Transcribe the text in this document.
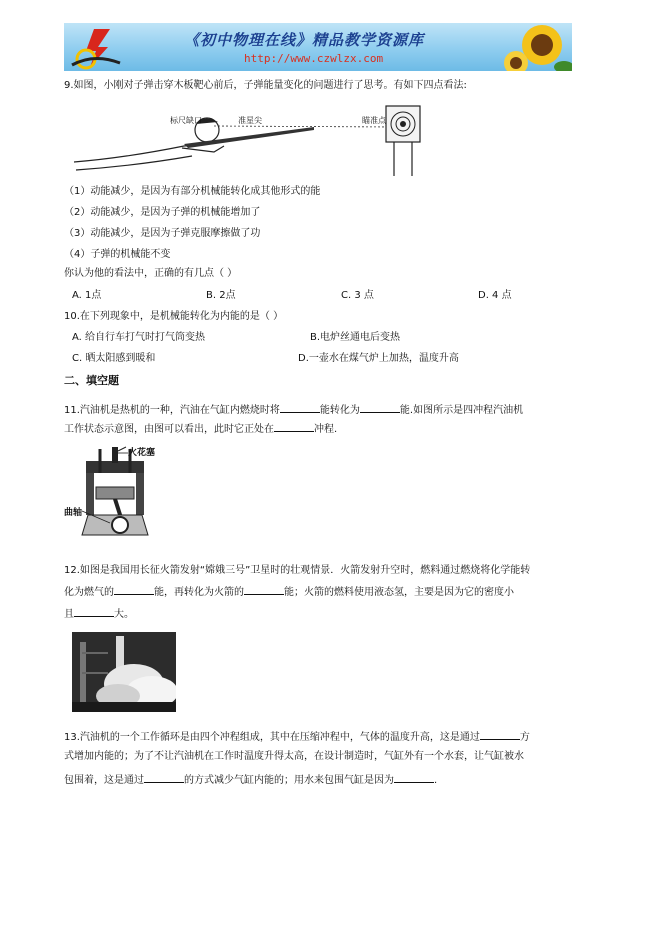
《初中物理在线》精品教学资源库
http://www.czwlzx.com
9.如图，小刚对子弹击穿木板靶心前后，子弹能量变化的问题进行了思考。有如下四点看法:
标尺缺口	准星尖	瞄准点
（1）动能减少，是因为有部分机械能转化成其他形式的能
（2）动能减少，是因为子弹的机械能增加了
（3）动能减少，是因为子弹克服摩擦做了功
（4）子弹的机械能不变
你认为他的看法中，正确的有几点（ ）
A. 1点	B. 2点	C. 3 点	D. 4 点
10.在下列现象中，是机械能转化为内能的是（ ）
A. 给自行车打气时打气筒变热	B.电炉丝通电后变热
C. 晒太阳感到暖和	D.一壶水在煤气炉上加热，温度升高
二、填空题
11.汽油机是热机的一种，汽油在气缸内燃烧时将	能转化为	能.如图所示是四冲程汽油机
工作状态示意图，由图可以看出，此时它正处在	冲程.
火花塞
曲轴
12.如图是我国用长征火箭发射“嫦娥三号”卫星时的壮观情景．火箭发射升空时，燃料通过燃烧将化学能转
化为燃气的	能，再转化为火箭的	能；火箭的燃料使用液态氢，主要是因为它的密度小
且	大。
13.汽油机的一个工作循环是由四个冲程组成，其中在压缩冲程中，气体的温度升高，这是通过	方
式增加内能的；为了不让汽油机在工作时温度升得太高，在设计制造时，气缸外有一个水套，让气缸被水
包围着，这是通过	的方式减少气缸内能的；用水来包围气缸是因为	.
